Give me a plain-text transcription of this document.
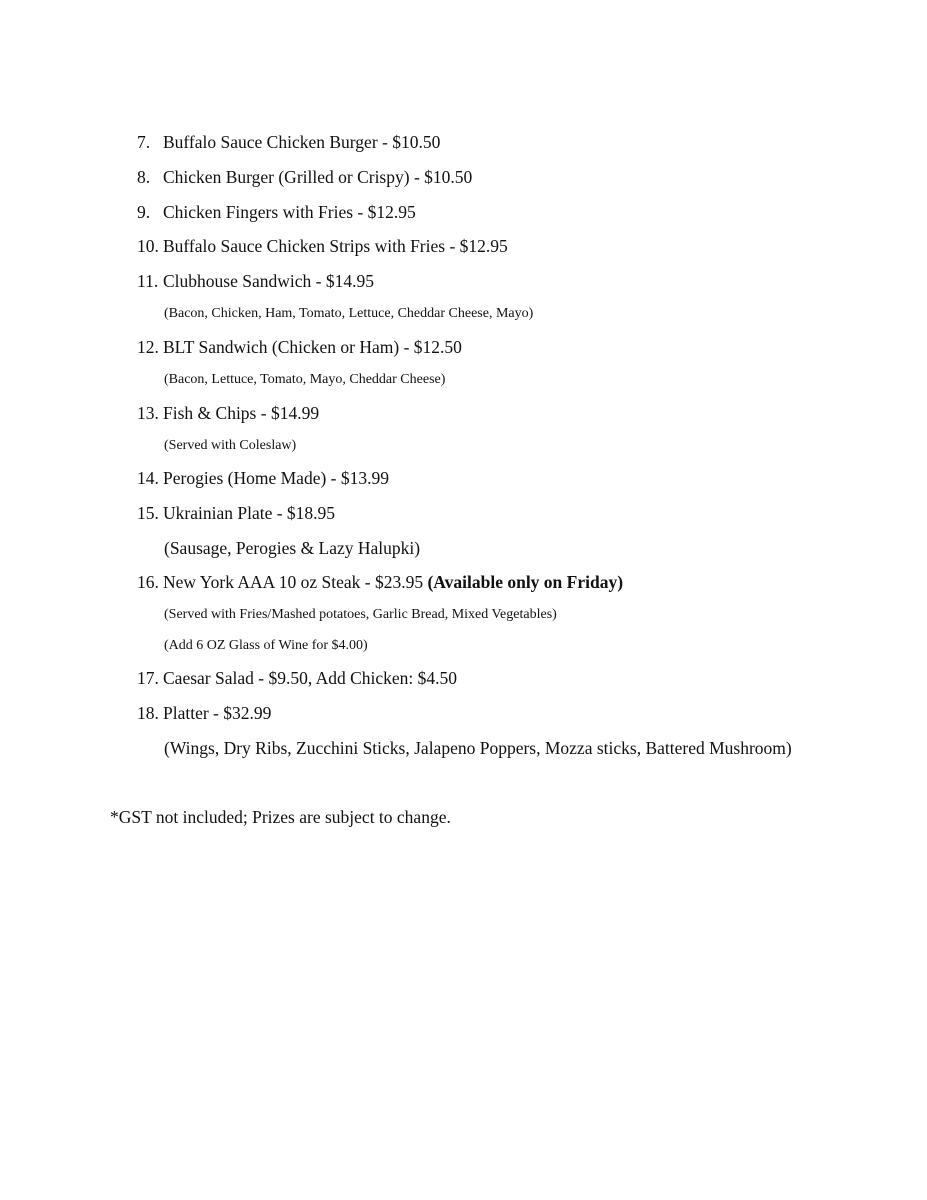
7. Buffalo Sauce Chicken Burger - $10.50
8. Chicken Burger (Grilled or Crispy) - $10.50
9. Chicken Fingers with Fries - $12.95
10. Buffalo Sauce Chicken Strips with Fries - $12.95
11. Clubhouse Sandwich - $14.95
(Bacon, Chicken, Ham, Tomato, Lettuce, Cheddar Cheese, Mayo)
12. BLT Sandwich (Chicken or Ham) - $12.50
(Bacon, Lettuce, Tomato, Mayo, Cheddar Cheese)
13. Fish & Chips - $14.99
(Served with Coleslaw)
14. Perogies (Home Made) - $13.99
15. Ukrainian Plate - $18.95
(Sausage, Perogies & Lazy Halupki)
16. New York AAA 10 oz Steak - $23.95 (Available only on Friday)
(Served with Fries/Mashed potatoes, Garlic Bread, Mixed Vegetables)
(Add 6 OZ Glass of Wine for $4.00)
17. Caesar Salad - $9.50, Add Chicken: $4.50
18. Platter - $32.99
(Wings, Dry Ribs, Zucchini Sticks, Jalapeno Poppers, Mozza sticks, Battered Mushroom)
*GST not included; Prizes are subject to change.
